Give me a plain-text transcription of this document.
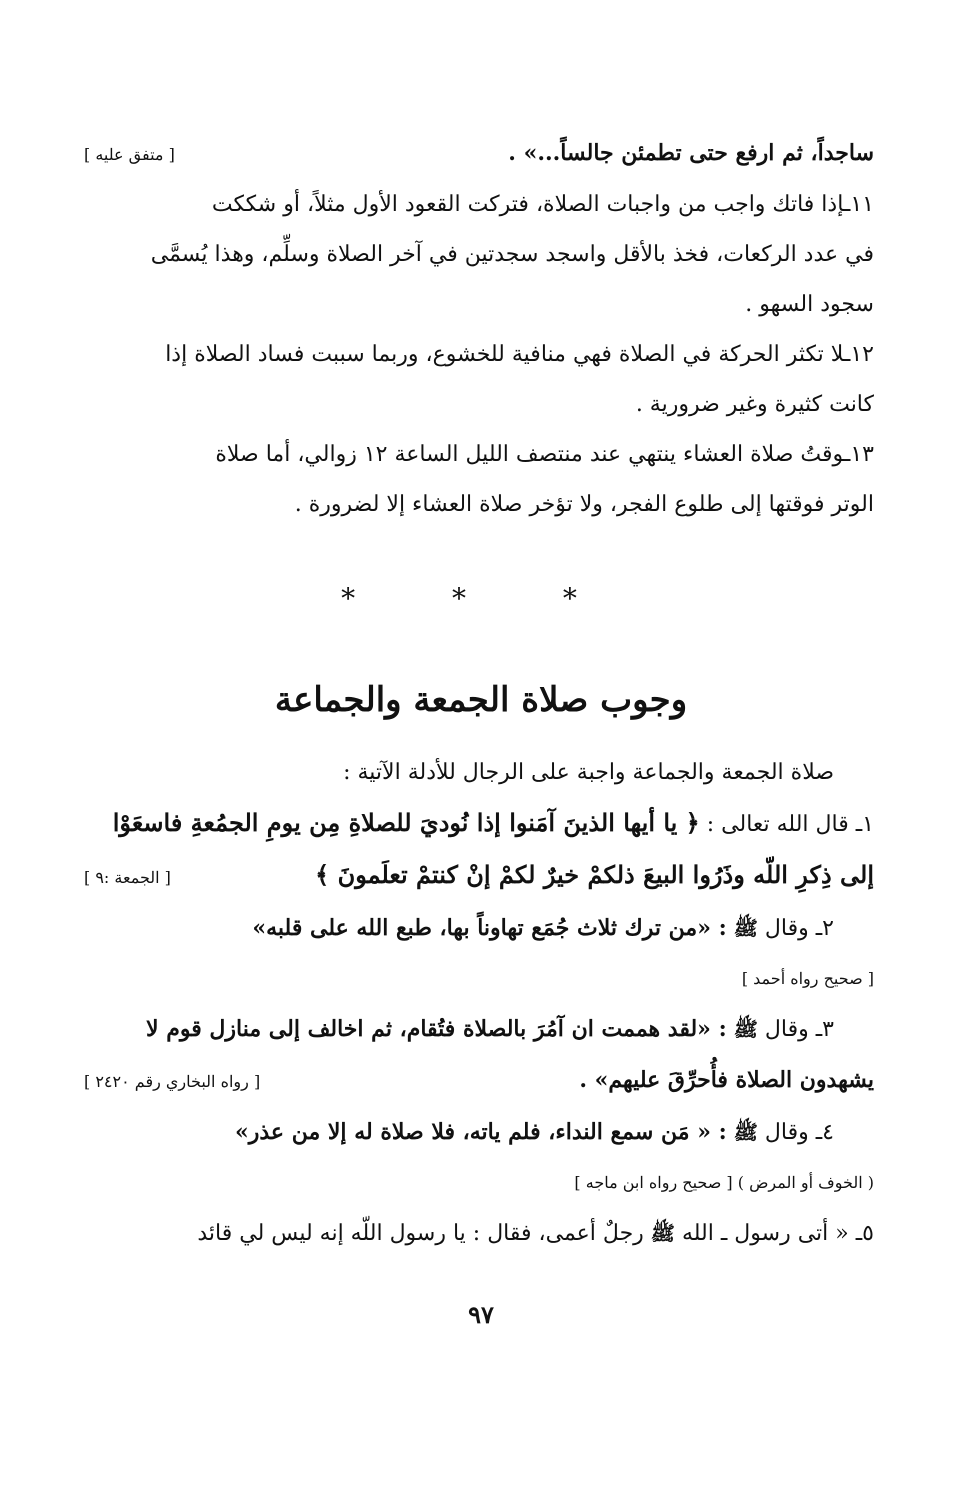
ساجداً، ثم ارفع حتى تطمئن جالساً...» .
[ متفق عليه ]
١١ـإذا فاتك واجب من واجبات الصلاة، فتركت القعود الأول مثلاً، أو شككت
في عدد الركعات، فخذ بالأقل واسجد سجدتين في آخر الصلاة وسلِّم، وهذا يُسمَّى
سجود السهو .
١٢ـلا تكثر الحركة في الصلاة فهي منافية للخشوع، وربما سببت فساد الصلاة إذا
كانت كثيرة وغير ضرورية .
١٣ـوقتُ صلاة العشاء ينتهي عند منتصف الليل الساعة ١٢ زوالي، أما صلاة
الوتر فوقتها إلى طلوع الفجر، ولا تؤخر صلاة العشاء إلا لضرورة .
* * *
وجوب صلاة الجمعة والجماعة
صلاة الجمعة والجماعة واجبة على الرجال للأدلة الآتية :
١ـ قال الله تعالى :

﴿ يا أيها الذينَ آمَنوا إذا نُوديَ للصلاةِ مِن يومِ الجمُعةِ فاسعَوْا
إلى ذِكرِ اللّه وذَرُوا البيعَ ذلكمْ خيرٌ لكمْ إنْ كنتمْ تعلَمونَ ﴾
[ الجمعة :٩ ]
٢ـ وقال

ﷺ

: «من ترك ثلاث جُمَع تهاوناً بها، طبع الله على قلبه»
[ صحيح رواه أحمد ]
٣ـ وقال

ﷺ

: «لقد هممت ان آمُرَ بالصلاة فتُقام، ثم اخالف إلى منازل قوم لا
يشهدون الصلاة فأُحرِّقَ عليهم» .
[ رواه البخاري رقم ٢٤٢٠ ]
٤ـ وقال

ﷺ

: « مَن سمع النداء، فلم ياته، فلا صلاة له إلا من عذر»
( الخوف أو المرض ) [ صحيح رواه ابن ماجه ]
٥ـ « أتى رسول ـ الله

ﷺ

رجلٌ أعمى، فقال : يا رسول اللّه إنه ليس لي قائد
٩٧
